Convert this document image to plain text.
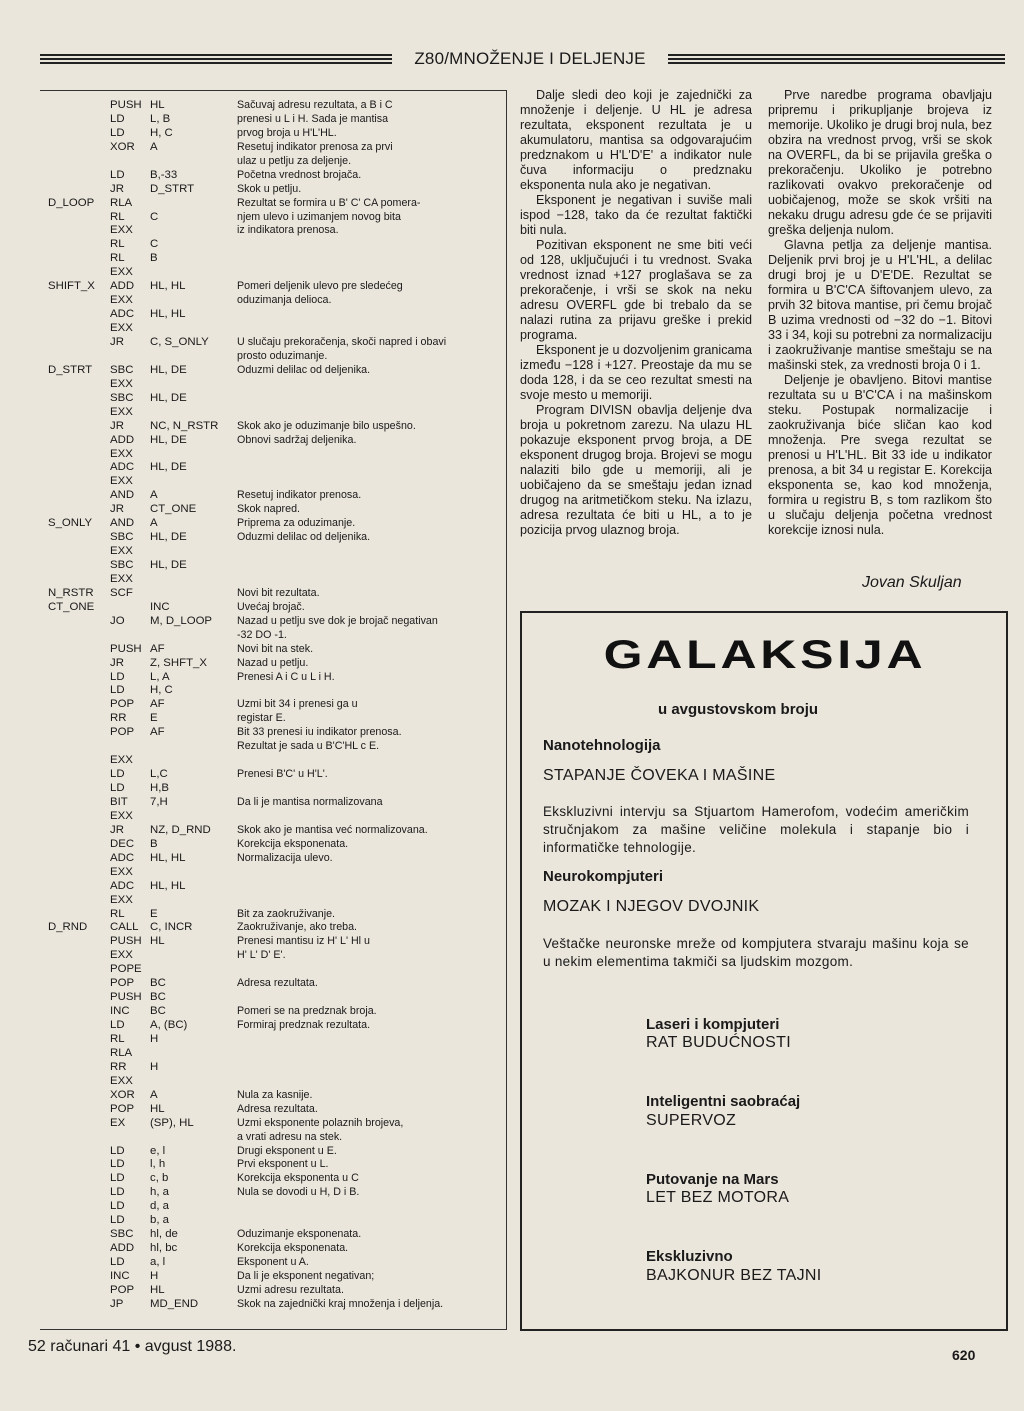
Z80/MNOŽENJE I DELJENJE
PUSH HL	Sačuvaj adresu rezultata, a B i C
LD L, B	prenesi u L i H. Sada je mantisa
LD H, C	prvog broja u H'L'HL.
XOR A	Resetuj indikator prenosa za prvi
ulaz u petlju za deljenje.
LD B,-33	Početna vrednost brojača.
JR D_STRT	Skok u petlju.
D_LOOP RLA	Rezultat se formira u B' C' CA pomera-
RL C	njem ulevo i uzimanjem novog bita
EXX	iz indikatora prenosa.
RL C
RL B
EXX
SHIFT_X ADD HL, HL	Pomeri deljenik ulevo pre sledećeg
EXX	oduzimanja delioca.
ADC HL, HL
EXX
JR C, S_ONLY	U slučaju prekoračenja, skoči napred i obavi
prosto oduzimanje.
D_STRT SBC HL, DE	Oduzmi delilac od deljenika.
EXX
SBC HL, DE
EXX
JR NC, N_RSTR Skok ako je oduzimanje bilo uspešno.
ADD HL, DE	Obnovi sadržaj deljenika.
EXX
ADC HL, DE
EXX
AND A	Resetuj indikator prenosa.
JR CT_ONE	Skok napred.
S_ONLY AND A	Priprema za oduzimanje.
SBC HL, DE	Oduzmi delilac od deljenika.
EXX
SBC HL, DE
EXX
N_RSTR SCF	Novi bit rezultata.
CT_ONE	INC	Uvećaj brojač.
JO M, D_LOOP Nazad u petlju sve dok je brojač negativan
-32 DO -1.
PUSH AF	Novi bit na stek.
JR Z, SHFT_X	Nazad u petlju.
LD L, A	Prenesi A i C u L i H.
LD H, C
POP AF	Uzmi bit 34 i prenesi ga u
RR E	registar E.
POP AF	Bit 33 prenesi iu indikator prenosa.
Rezultat je sada u B'C'HL c E.
EXX
LD L,C	Prenesi B'C' u H'L'.
LD H,B
BIT 7,H	Da li je mantisa normalizovana
EXX
JR NZ, D_RND Skok ako je mantisa već normalizovana.
DEC B	Korekcija eksponenata.
ADC HL, HL	Normalizacija ulevo.
EXX
ADC HL, HL
EXX
RL E	Bit za zaokruživanje.
D_RND CALL C, INCR	Zaokruživanje, ako treba.
PUSH HL	Prenesi mantisu iz H' L' Hl u
EXX	H' L' D' E'.
POPE
POP BC	Adresa rezultata.
PUSH BC
INC BC	Pomeri se na predznak broja.
LD A, (BC)	Formiraj predznak rezultata.
RL H
RLA
RR H
EXX
XOR A	Nula za kasnije.
POP HL	Adresa rezultata.
EX (SP), HL	Uzmi eksponente polaznih brojeva,
a vrati adresu na stek.
LD e, l	Drugi eksponent u E.
LD l, h	Prvi eksponent u L.
LD c, b	Korekcija eksponenta u C
LD h, a	Nula se dovodi u H, D i B.
LD d, a
LD b, a
SBC hl, de	Oduzimanje eksponenata.
ADD hl, bc	Korekcija eksponenata.
LD a, l	Eksponent u A.
INC H	Da li je eksponent negativan;
POP HL	Uzmi adresu rezultata.
JP MD_END	Skok na zajednički kraj množenja i deljenja.

Dalje sledi deo koji je zajednički za množenje i deljenje. U HL je adresa rezultata, eksponent rezultata je u akumulatoru, mantisa sa odgovarajućim predznakom u H'L'D'E' a indikator nule čuva informaciju o predznaku eksponenta nula ako je negativan.

Eksponent je negativan i suviše mali ispod −128, tako da će rezultat faktički biti nula.

Pozitivan eksponent ne sme biti veći od 128, uključujući i tu vrednost. Svaka vrednost iznad +127 proglašava se za prekoračenje, i vrši se skok na neku adresu OVERFL gde bi trebalo da se nalazi rutina za prijavu greške i prekid programa.

Eksponent je u dozvoljenim granicama između −128 i +127. Preostaje da mu se doda 128, i da se ceo rezultat smesti na svoje mesto u memoriji.

Program DIVISN obavlja deljenje dva broja u pokretnom zarezu. Na ulazu HL pokazuje eksponent prvog broja, a DE eksponent drugog broja. Brojevi se mogu nalaziti bilo gde u memoriji, ali je uobičajeno da se smeštaju jedan iznad drugog na aritmetičkom steku. Na izlazu, adresa rezultata će biti u HL, a to je pozicija prvog ulaznog broja.

Prve naredbe programa obavljaju pripremu i prikupljanje brojeva iz memorije. Ukoliko je drugi broj nula, bez obzira na vrednost prvog, vrši se skok na OVERFL, da bi se prijavila greška o prekoračenju. Ukoliko je potrebno razlikovati ovakvo prekoračenje od uobičajenog, može se skok vršiti na nekaku drugu adresu gde će se prijaviti greška deljenja nulom.

Glavna petlja za deljenje mantisa. Deljenik prvi broj je u H'L'HL, a delilac drugi broj je u D'E'DE. Rezultat se formira u B'C'CA šiftovanjem ulevo, za prvih 32 bitova mantise, pri čemu brojač B uzima vrednosti od −32 do −1. Bitovi 33 i 34, koji su potrebni za normalizaciju i zaokruživanje mantise smeštaju se na mašinski stek, za vrednosti broja 0 i 1.

Deljenje je obavljeno. Bitovi mantise rezultata su u B'C'CA i na mašinskom steku. Postupak normalizacije i zaokruživanja biće sličan kao kod množenja. Pre svega rezultat se prenosi u H'L'HL. Bit 33 ide u indikator prenosa, a bit 34 u registar E. Korekcija eksponenta se, kao kod množenja, formira u registru B, s tom razlikom što u slučaju deljenja početna vrednost korekcije iznosi nula.

Jovan Skuljan
GALAKSIJA
u avgustovskom broju
Nanotehnologija
STAPANJE ČOVEKA I MAŠINE
Ekskluzivni intervju sa Stjuartom Hamerofom, vodećim američkim stručnjakom za mašine veličine molekula i stapanje bio i informatičke tehnologije.
Neurokompjuteri
MOZAK I NJEGOV DVOJNIK
Veštačke neuronske mreže od kompjutera stvaraju mašinu koja se u nekim elementima takmiči sa ljudskim mozgom.
Laseri i kompjuteri
RAT BUDUĆNOSTI
Inteligentni saobraćaj
SUPERVOZ
Putovanje na Mars
LET BEZ MOTORA
Ekskluzivno
BAJKONUR BEZ TAJNI
52 računari 41 • avgust 1988.	620
